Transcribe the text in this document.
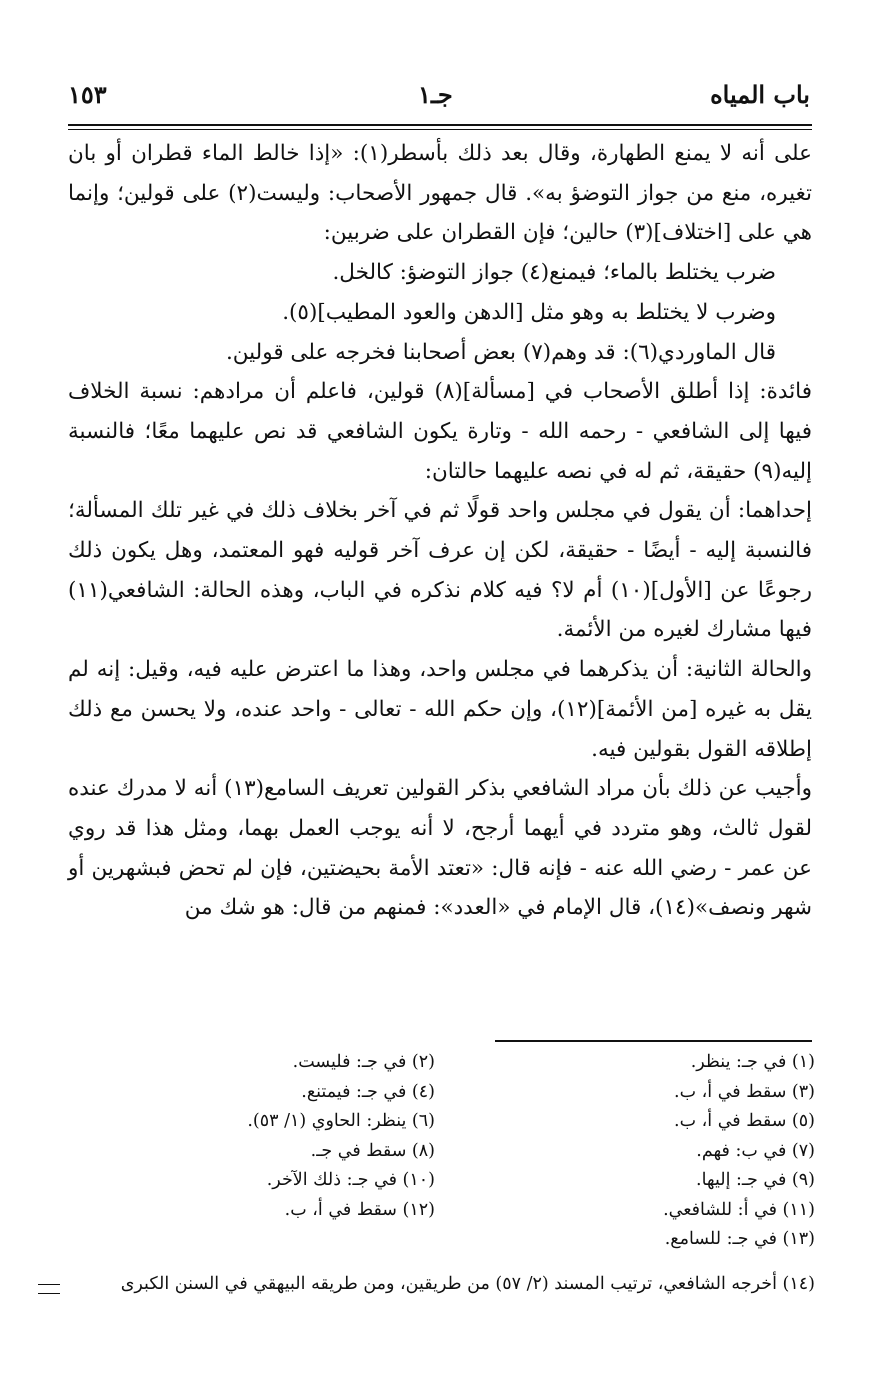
باب المياه
جـ١
١٥٣

على أنه لا يمنع الطهارة، وقال بعد ذلك بأسطر(١): «إذا خالط الماء قطران أو بان تغيره، منع من جواز التوضؤ به». قال جمهور الأصحاب: وليست(٢) على قولين؛ وإنما هي على [اختلاف](٣) حالين؛ فإن القطران على ضربين:

ضرب يختلط بالماء؛ فيمنع(٤) جواز التوضؤ: كالخل.

وضرب لا يختلط به وهو مثل [الدهن والعود المطيب](٥).

قال الماوردي(٦): قد وهم(٧) بعض أصحابنا فخرجه على قولين.

فائدة: إذا أطلق الأصحاب في [مسألة](٨) قولين، فاعلم أن مرادهم: نسبة الخلاف فيها إلى الشافعي - رحمه الله - وتارة يكون الشافعي قد نص عليهما معًا؛ فالنسبة إليه(٩) حقيقة، ثم له في نصه عليهما حالتان:

إحداهما: أن يقول في مجلس واحد قولًا ثم في آخر بخلاف ذلك في غير تلك المسألة؛ فالنسبة إليه - أيضًا - حقيقة، لكن إن عرف آخر قوليه فهو المعتمد، وهل يكون ذلك رجوعًا عن [الأول](١٠) أم لا؟ فيه كلام نذكره في الباب، وهذه الحالة: الشافعي(١١) فيها مشارك لغيره من الأئمة.

والحالة الثانية: أن يذكرهما في مجلس واحد، وهذا ما اعترض عليه فيه، وقيل: إنه لم يقل به غيره [من الأئمة](١٢)، وإن حكم الله - تعالى - واحد عنده، ولا يحسن مع ذلك إطلاقه القول بقولين فيه.

وأجيب عن ذلك بأن مراد الشافعي بذكر القولين تعريف السامع(١٣) أنه لا مدرك عنده لقول ثالث، وهو متردد في أيهما أرجح، لا أنه يوجب العمل بهما، ومثل هذا قد روي عن عمر - رضي الله عنه - فإنه قال: «تعتد الأمة بحيضتين، فإن لم تحض فبشهرين أو شهر ونصف»(١٤)، قال الإمام في «العدد»: فمنهم من قال: هو شك من

(١) في جـ: ينظر.
(٣) سقط في أ، ب.
(٥) سقط في أ، ب.
(٧) في ب: فهم.
(٩) في جـ: إليها.
(١١) في أ: للشافعي.
(١٣) في جـ: للسامع.
(٢) في جـ: فليست.
(٤) في جـ: فيمتنع.
(٦) ينظر: الحاوي (١/ ٥٣).
(٨) سقط في جـ.
(١٠) في جـ: ذلك الآخر.
(١٢) سقط في أ، ب.
(١٤) أخرجه الشافعي، ترتيب المسند (٢/ ٥٧) من طريقين، ومن طريقه البيهقي في السنن الكبرى
